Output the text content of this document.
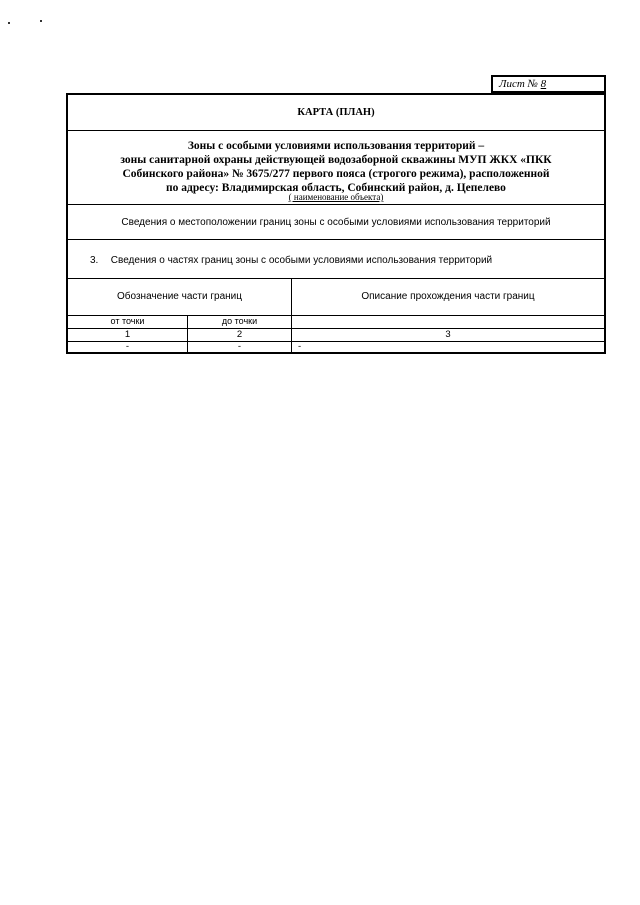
Лист № 8
КАРТА (ПЛАН)
Зоны с особыми условиями использования территорий –
зоны санитарной охраны действующей водозаборной скважины МУП ЖКХ «ПКК
Собинского района» № 3675/277 первого пояса (строгого режима), расположенной
по адресу: Владимирская область, Собинский район, д. Цепелево
( наименование объекта)
Сведения о местоположении границ зоны с особыми условиями использования территорий
3. Сведения о частях границ зоны с особыми условиями использования территорий
Обозначение части границ	Описание прохождения части границ
от точки	до точки
1	2	3
-	-	-
